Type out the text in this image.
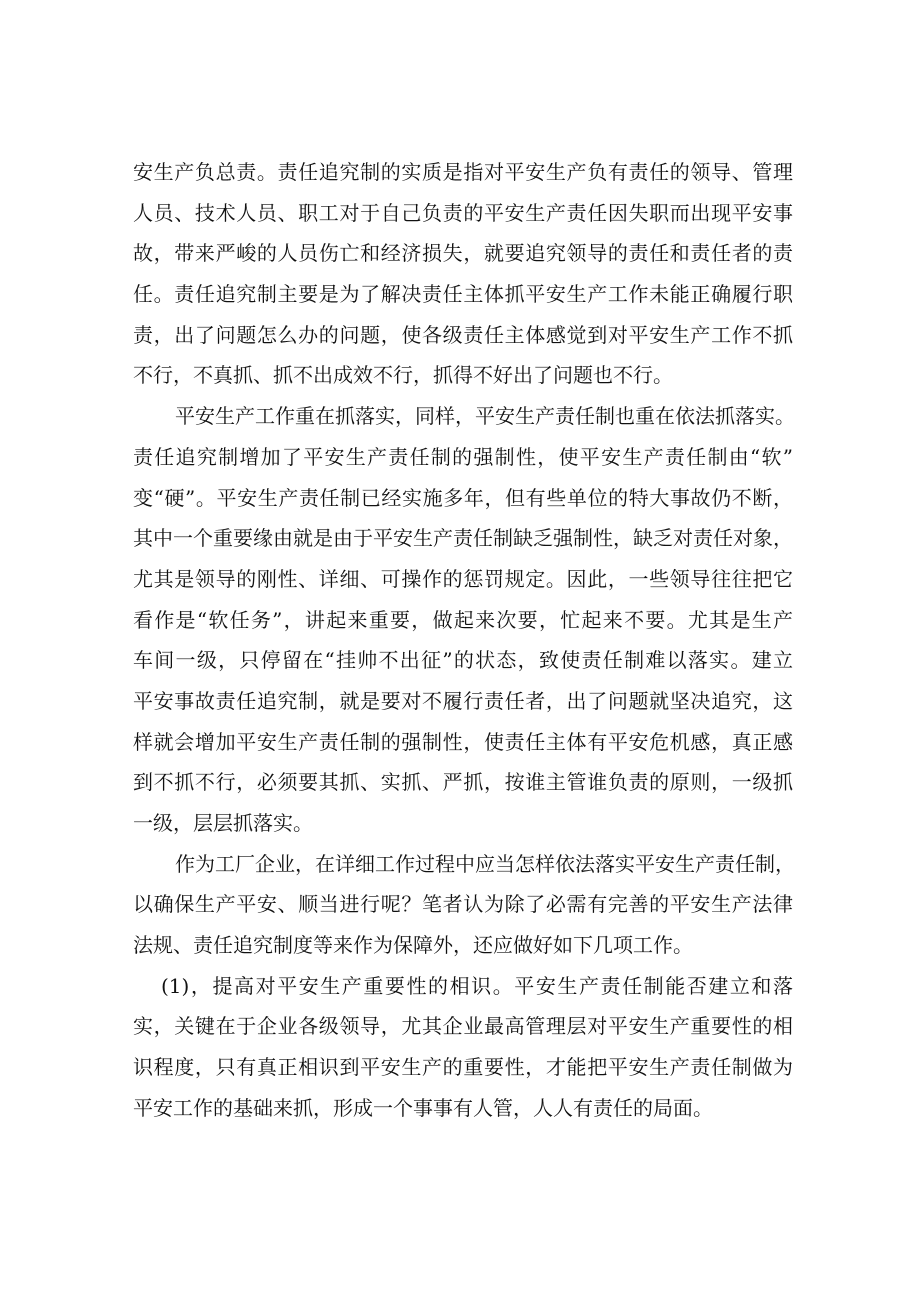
安生产负总责。责任追究制的实质是指对平安生产负有责任的领导、管理
人员、技术人员、职工对于自己负责的平安生产责任因失职而出现平安事
故，带来严峻的人员伤亡和经济损失，就要追究领导的责任和责任者的责
任。责任追究制主要是为了解决责任主体抓平安生产工作未能正确履行职
责，出了问题怎么办的问题，使各级责任主体感觉到对平安生产工作不抓
不行，不真抓、抓不出成效不行，抓得不好出了问题也不行。
平安生产工作重在抓落实，同样，平安生产责任制也重在依法抓落实。
责任追究制增加了平安生产责任制的强制性，使平安生产责任制由“软”
变“硬”。平安生产责任制已经实施多年，但有些单位的特大事故仍不断，
其中一个重要缘由就是由于平安生产责任制缺乏强制性，缺乏对责任对象，
尤其是领导的刚性、详细、可操作的惩罚规定。因此，一些领导往往把它
看作是“软任务”，讲起来重要，做起来次要，忙起来不要。尤其是生产
车间一级，只停留在“挂帅不出征”的状态，致使责任制难以落实。建立
平安事故责任追究制，就是要对不履行责任者，出了问题就坚决追究，这
样就会增加平安生产责任制的强制性，使责任主体有平安危机感，真正感
到不抓不行，必须要其抓、实抓、严抓，按谁主管谁负责的原则，一级抓
一级，层层抓落实。
作为工厂企业，在详细工作过程中应当怎样依法落实平安生产责任制，
以确保生产平安、顺当进行呢？笔者认为除了必需有完善的平安生产法律
法规、责任追究制度等来作为保障外，还应做好如下几项工作。
(1)，提高对平安生产重要性的相识。平安生产责任制能否建立和落
实，关键在于企业各级领导，尤其企业最高管理层对平安生产重要性的相
识程度，只有真正相识到平安生产的重要性，才能把平安生产责任制做为
平安工作的基础来抓，形成一个事事有人管，人人有责任的局面。
